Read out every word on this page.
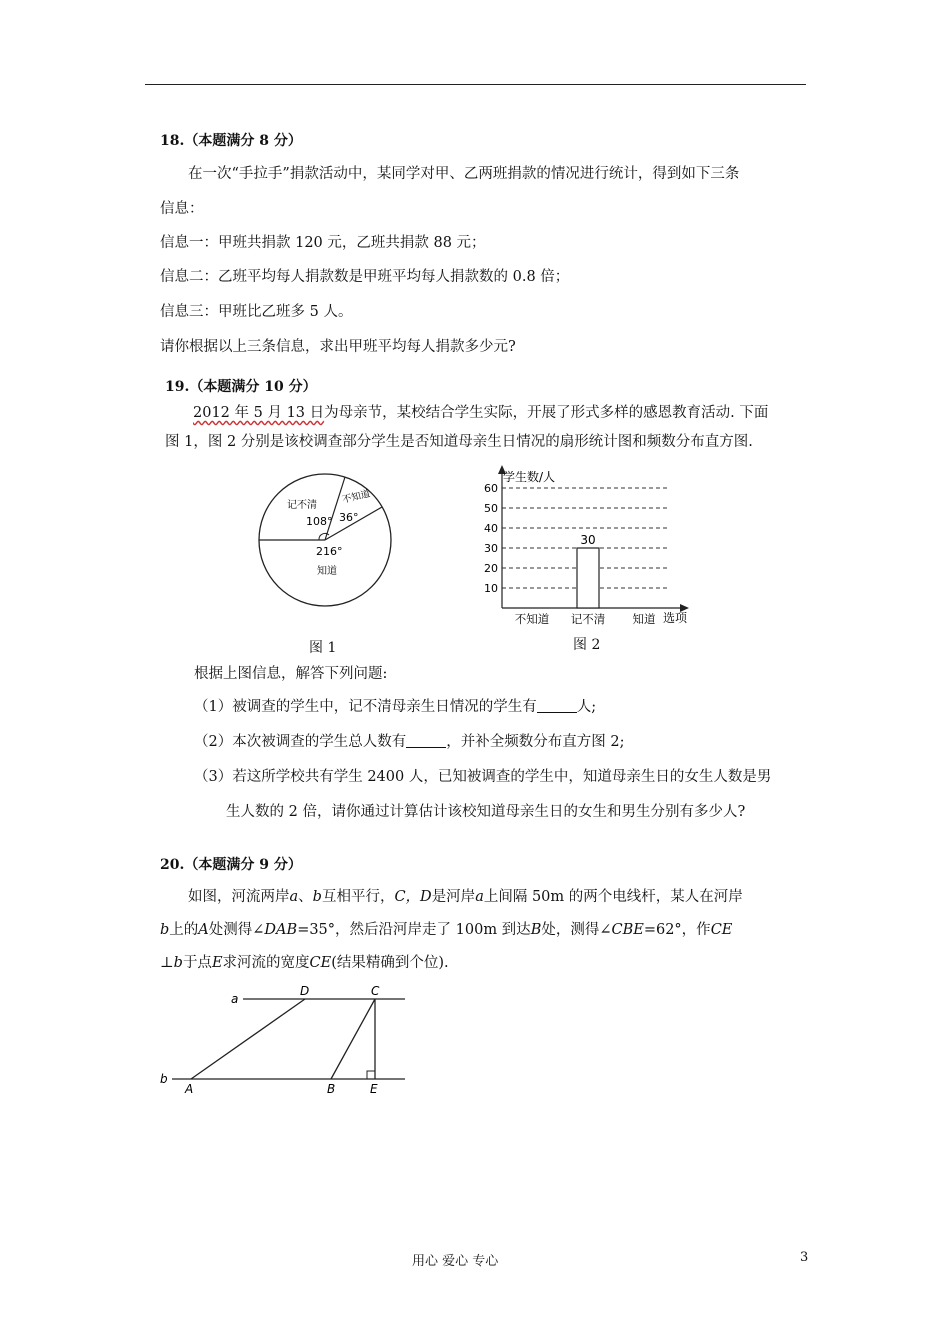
18.（本题满分 8 分）
在一次“手拉手”捐款活动中，某同学对甲、乙两班捐款的情况进行统计，得到如下三条
信息：
信息一：甲班共捐款 120 元，乙班共捐款 88 元；
信息二：乙班平均每人捐款数是甲班平均每人捐款数的 0.8 倍；
信息三：甲班比乙班多 5 人。
请你根据以上三条信息，求出甲班平均每人捐款多少元?
19.（本题满分 10 分）
2012 年 5 月 13 日为母亲节，某校结合学生实际，开展了形式多样的感恩教育活动. 下面
图 1，图 2 分别是该校调查部分学生是否知道母亲生日情况的扇形统计图和频数分布直方图.
记不清
108°
不知道
36°
216°
知道
图 1
学生数/人
选项
10
20
30
40
50
60
不知道 记不清 知道
30
图 2
根据上图信息，解答下列问题:
（1）被调查的学生中，记不清母亲生日情况的学生有	人;
（2）本次被调查的学生总人数有	，并补全频数分布直方图 2;
（3）若这所学校共有学生 2400 人，已知被调查的学生中，知道母亲生日的女生人数是男
生人数的 2 倍，请你通过计算估计该校知道母亲生日的女生和男生分别有多少人?
20.（本题满分 9 分）
如图，河流两岸a、b互相平行，C，D是河岸a上间隔 50m 的两个电线杆，某人在河岸
b上的A处测得∠DAB=35°，然后沿河岸走了 100m 到达B处，测得∠CBE=62°，作CE
⊥b于点E求河流的宽度CE(结果精确到个位).
a
b
D	C
A	B	E
用心 爱心 专心	3
